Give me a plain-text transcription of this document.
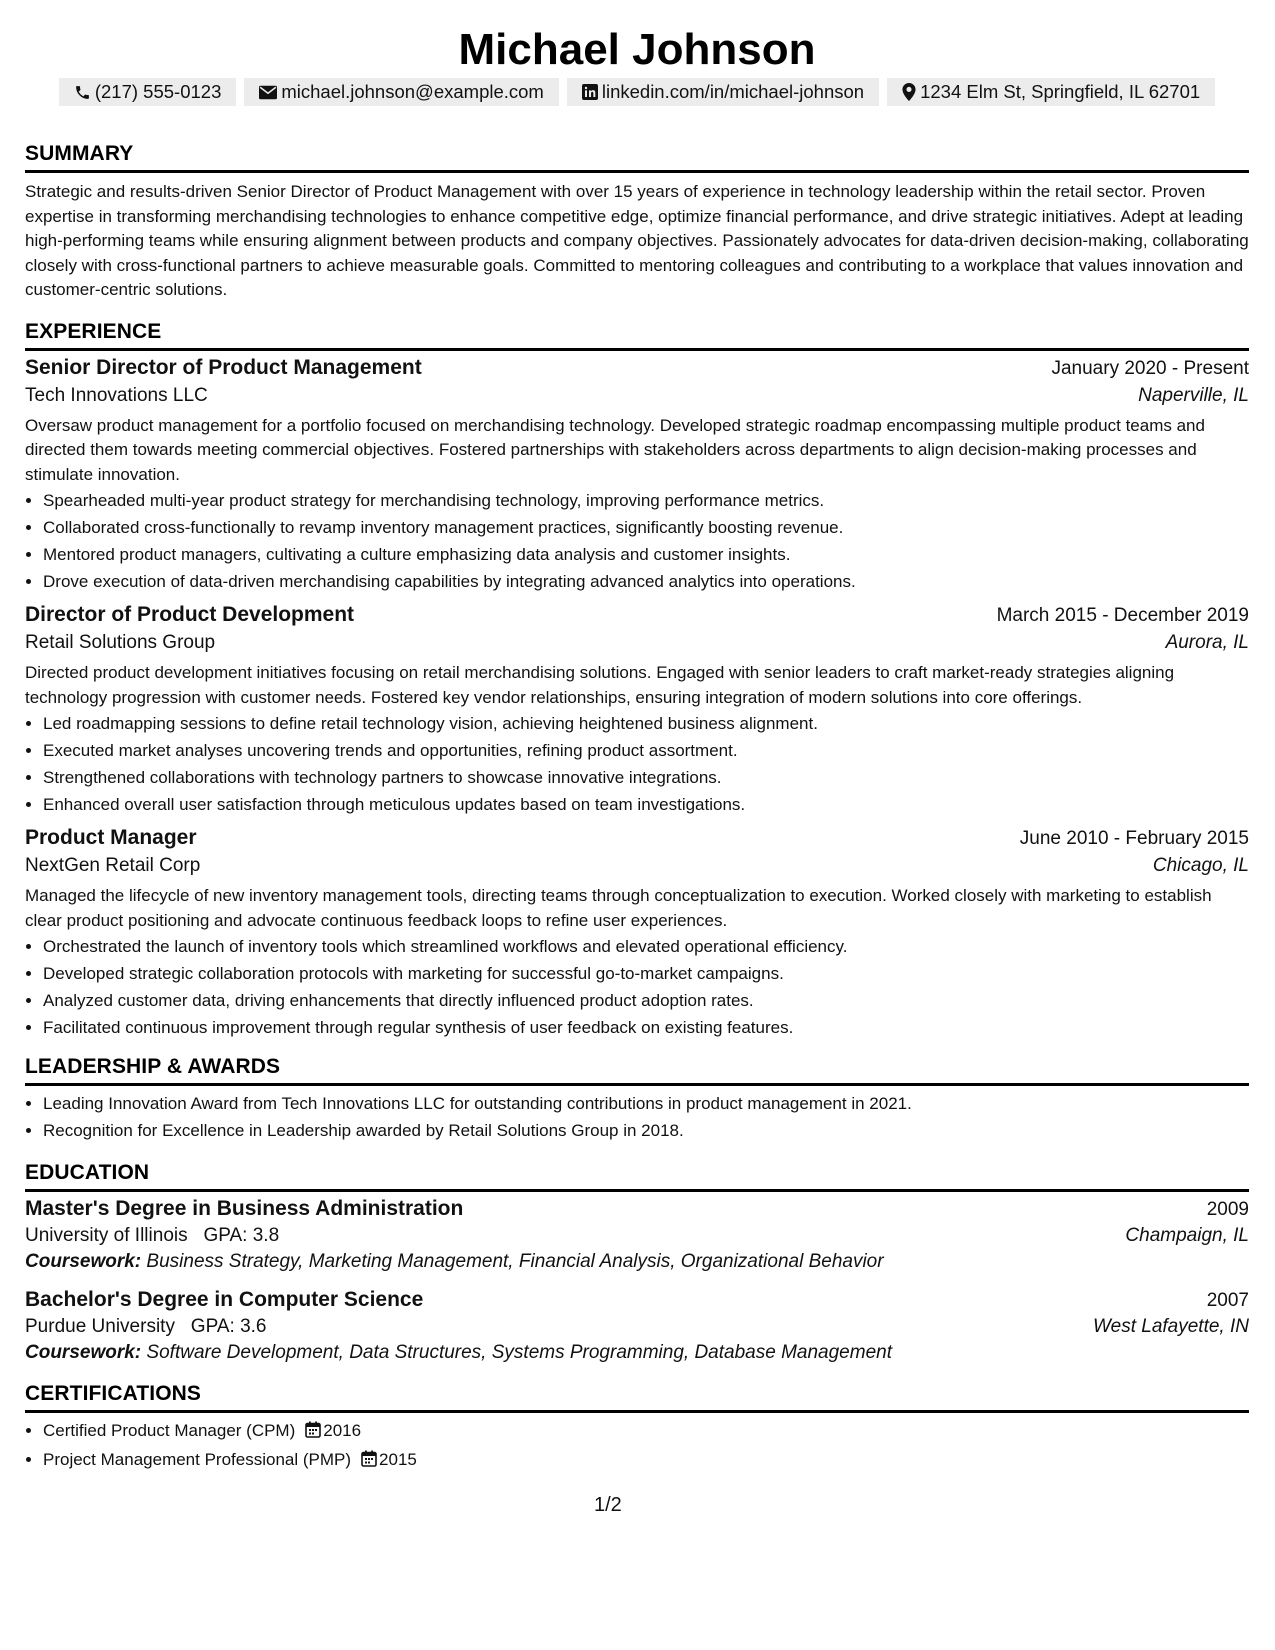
Michael Johnson
(217) 555-0123	michael.johnson@example.com	linkedin.com/in/michael-johnson	1234 Elm St, Springfield, IL 62701
SUMMARY

Strategic and results-driven Senior Director of Product Management with over 15 years of experience in technology leadership within the retail sector. Proven expertise in transforming merchandising technologies to enhance competitive edge, optimize financial performance, and drive strategic initiatives. Adept at leading high-performing teams while ensuring alignment between products and company objectives. Passionately advocates for data-driven decision-making, collaborating closely with cross-functional partners to achieve measurable goals. Committed to mentoring colleagues and contributing to a workplace that values innovation and customer-centric solutions.

EXPERIENCE
Senior Director of Product Management	January 2020 - Present
Tech Innovations LLC	Naperville, IL

Oversaw product management for a portfolio focused on merchandising technology. Developed strategic roadmap encompassing multiple product teams and directed them towards meeting commercial objectives. Fostered partnerships with stakeholders across departments to align decision-making processes and stimulate innovation.

• Spearheaded multi-year product strategy for merchandising technology, improving performance metrics.
• Collaborated cross-functionally to revamp inventory management practices, significantly boosting revenue.
• Mentored product managers, cultivating a culture emphasizing data analysis and customer insights.
• Drove execution of data-driven merchandising capabilities by integrating advanced analytics into operations.
Director of Product Development	March 2015 - December 2019
Retail Solutions Group	Aurora, IL

Directed product development initiatives focusing on retail merchandising solutions. Engaged with senior leaders to craft market-ready strategies aligning technology progression with customer needs. Fostered key vendor relationships, ensuring integration of modern solutions into core offerings.

• Led roadmapping sessions to define retail technology vision, achieving heightened business alignment.
• Executed market analyses uncovering trends and opportunities, refining product assortment.
• Strengthened collaborations with technology partners to showcase innovative integrations.
• Enhanced overall user satisfaction through meticulous updates based on team investigations.
Product Manager	June 2010 - February 2015
NextGen Retail Corp	Chicago, IL

Managed the lifecycle of new inventory management tools, directing teams through conceptualization to execution. Worked closely with marketing to establish clear product positioning and advocate continuous feedback loops to refine user experiences.

• Orchestrated the launch of inventory tools which streamlined workflows and elevated operational efficiency.
• Developed strategic collaboration protocols with marketing for successful go-to-market campaigns.
• Analyzed customer data, driving enhancements that directly influenced product adoption rates.
• Facilitated continuous improvement through regular synthesis of user feedback on existing features.
LEADERSHIP & AWARDS
• Leading Innovation Award from Tech Innovations LLC for outstanding contributions in product management in 2021.
• Recognition for Excellence in Leadership awarded by Retail Solutions Group in 2018.
EDUCATION
Master's Degree in Business Administration	2009
University of Illinois GPA: 3.8	Champaign, IL
Coursework: Business Strategy, Marketing Management, Financial Analysis, Organizational Behavior
Bachelor's Degree in Computer Science	2007
Purdue University GPA: 3.6	West Lafayette, IN
Coursework: Software Development, Data Structures, Systems Programming, Database Management
CERTIFICATIONS
• Certified Product Manager (CPM) 2016
• Project Management Professional (PMP) 2015
1/2
